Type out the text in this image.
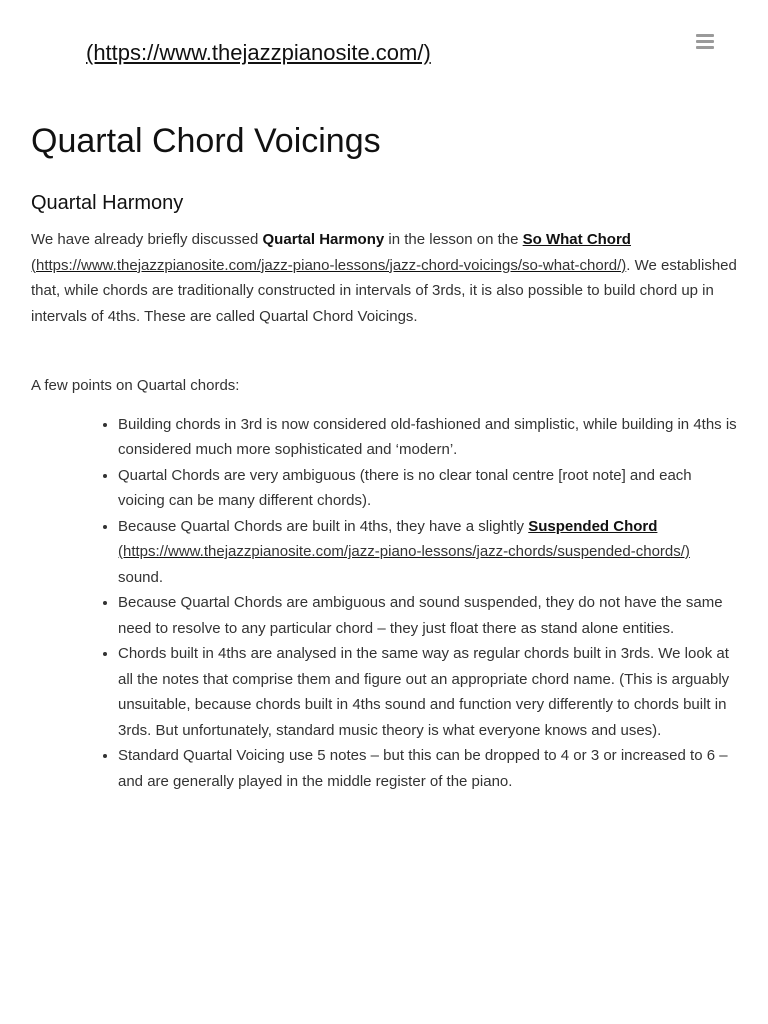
(https://www.thejazzpianosite.com/)
Quartal Chord Voicings
Quartal Harmony

We have already briefly discussed Quartal Harmony in the lesson on the So What Chord
(https://www.thejazzpianosite.com/jazz-piano-lessons/jazz-chord-voicings/so-what-chord/). We established that, while chords are traditionally constructed in intervals of 3rds, it is also possible to build chord up in intervals of 4ths. These are called Quartal Chord Voicings.

A few points on Quartal chords:

• Building chords in 3rd is now considered old-fashioned and simplistic, while building in 4ths is considered much more sophisticated and ‘modern’.
• Quartal Chords are very ambiguous (there is no clear tonal centre [root note] and each voicing can be many different chords).
• Because Quartal Chords are built in 4ths, they have a slightly Suspended Chord
(https://www.thejazzpianosite.com/jazz-piano-lessons/jazz-chords/suspended-chords/)
sound.
• Because Quartal Chords are ambiguous and sound suspended, they do not have the same need to resolve to any particular chord – they just float there as stand alone entities.
• Chords built in 4ths are analysed in the same way as regular chords built in 3rds. We look at all the notes that comprise them and figure out an appropriate chord name. (This is arguably unsuitable, because chords built in 4ths sound and function very differently to chords built in 3rds. But unfortunately, standard music theory is what everyone knows and uses).
• Standard Quartal Voicing use 5 notes – but this can be dropped to 4 or 3 or increased to 6 – and are generally played in the middle register of the piano.
